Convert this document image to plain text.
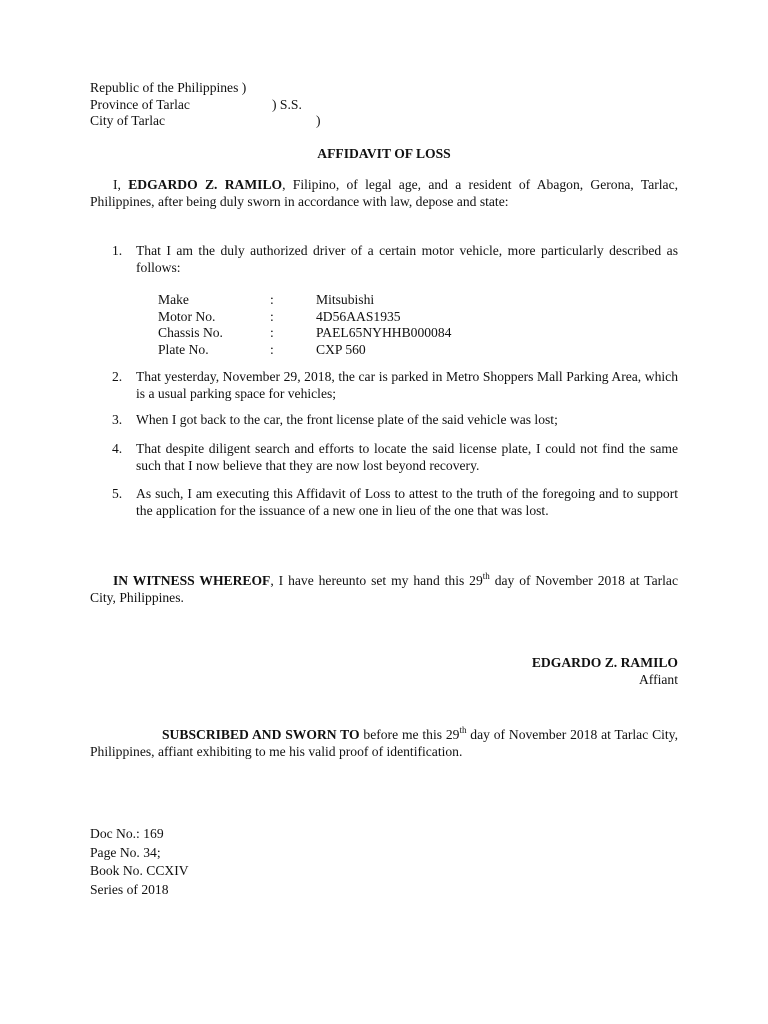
Republic of the Philippines )
Province of Tarlac	) S.S.
City of Tarlac	)
AFFIDAVIT OF LOSS
I, EDGARDO Z. RAMILO, Filipino, of legal age, and a resident of Abagon, Gerona, Tarlac, Philippines, after being duly sworn in accordance with law, depose and state:
1. That I am the duly authorized driver of a certain motor vehicle, more particularly described as follows:
Make	:	Mitsubishi
Motor No.	:	4D56AAS1935
Chassis No.	:	PAEL65NYHHB000084
Plate No.	:	CXP 560
2. That yesterday, November 29, 2018, the car is parked in Metro Shoppers Mall Parking Area, which is a usual parking space for vehicles;
3. When I got back to the car, the front license plate of the said vehicle was lost;
4. That despite diligent search and efforts to locate the said license plate, I could not find the same such that I now believe that they are now lost beyond recovery.
5. As such, I am executing this Affidavit of Loss to attest to the truth of the foregoing and to support the application for the issuance of a new one in lieu of the one that was lost.
IN WITNESS WHEREOF, I have hereunto set my hand this 29th day of November 2018 at Tarlac City, Philippines.
EDGARDO Z. RAMILO
Affiant
SUBSCRIBED AND SWORN TO before me this 29th day of November 2018 at Tarlac City, Philippines, affiant exhibiting to me his valid proof of identification.
Doc No.: 169
Page No. 34;
Book No. CCXIV
Series of 2018
